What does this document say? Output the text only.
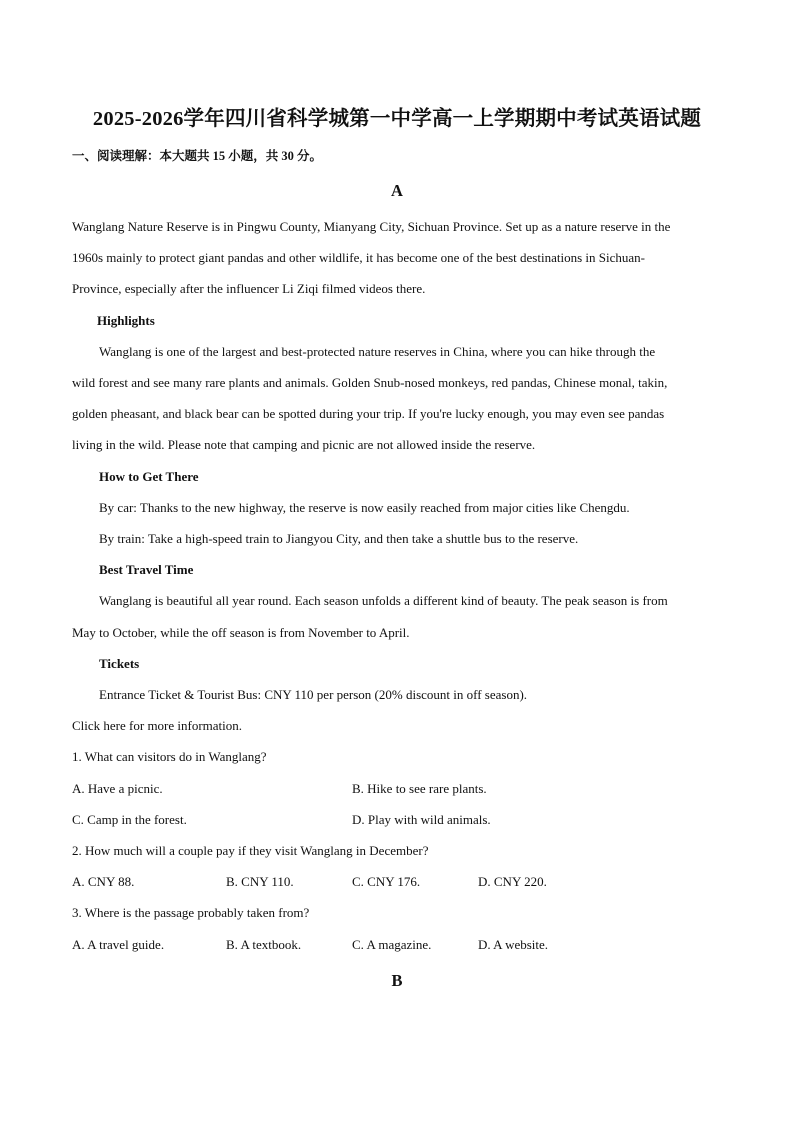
2025-2026学年四川省科学城第一中学高一上学期期中考试英语试题

一、阅读理解：本大题共 15 小题，共 30 分。

A

Wanglang Nature Reserve is in Pingwu County, Mianyang City, Sichuan Province. Set up as a nature reserve in the

1960s mainly to protect giant pandas and other wildlife, it has become one of the best destinations in Sichuan-

Province, especially after the influencer Li Ziqi filmed videos there.

Highlights

Wanglang is one of the largest and best-protected nature reserves in China, where you can hike through the

wild forest and see many rare plants and animals. Golden Snub-nosed monkeys, red pandas, Chinese monal, takin,

golden pheasant, and black bear can be spotted during your trip. If you're lucky enough, you may even see pandas

living in the wild. Please note that camping and picnic are not allowed inside the reserve.

How to Get There

By car: Thanks to the new highway, the reserve is now easily reached from major cities like Chengdu.

By train: Take a high-speed train to Jiangyou City, and then take a shuttle bus to the reserve.

Best Travel Time

Wanglang is beautiful all year round. Each season unfolds a different kind of beauty. The peak season is from

May to October, while the off season is from November to April.

Tickets

Entrance Ticket & Tourist Bus: CNY 110 per person (20% discount in off season).

Click here for more information.

1. What can visitors do in Wanglang?

A. Have a picnic.	B. Hike to see rare plants.

C. Camp in the forest.	D. Play with wild animals.

2. How much will a couple pay if they visit Wanglang in December?

A. CNY 88.	B. CNY 110.	C. CNY 176.	D. CNY 220.

3. Where is the passage probably taken from?

A. A travel guide.	B. A textbook.	C. A magazine.	D. A website.

B
